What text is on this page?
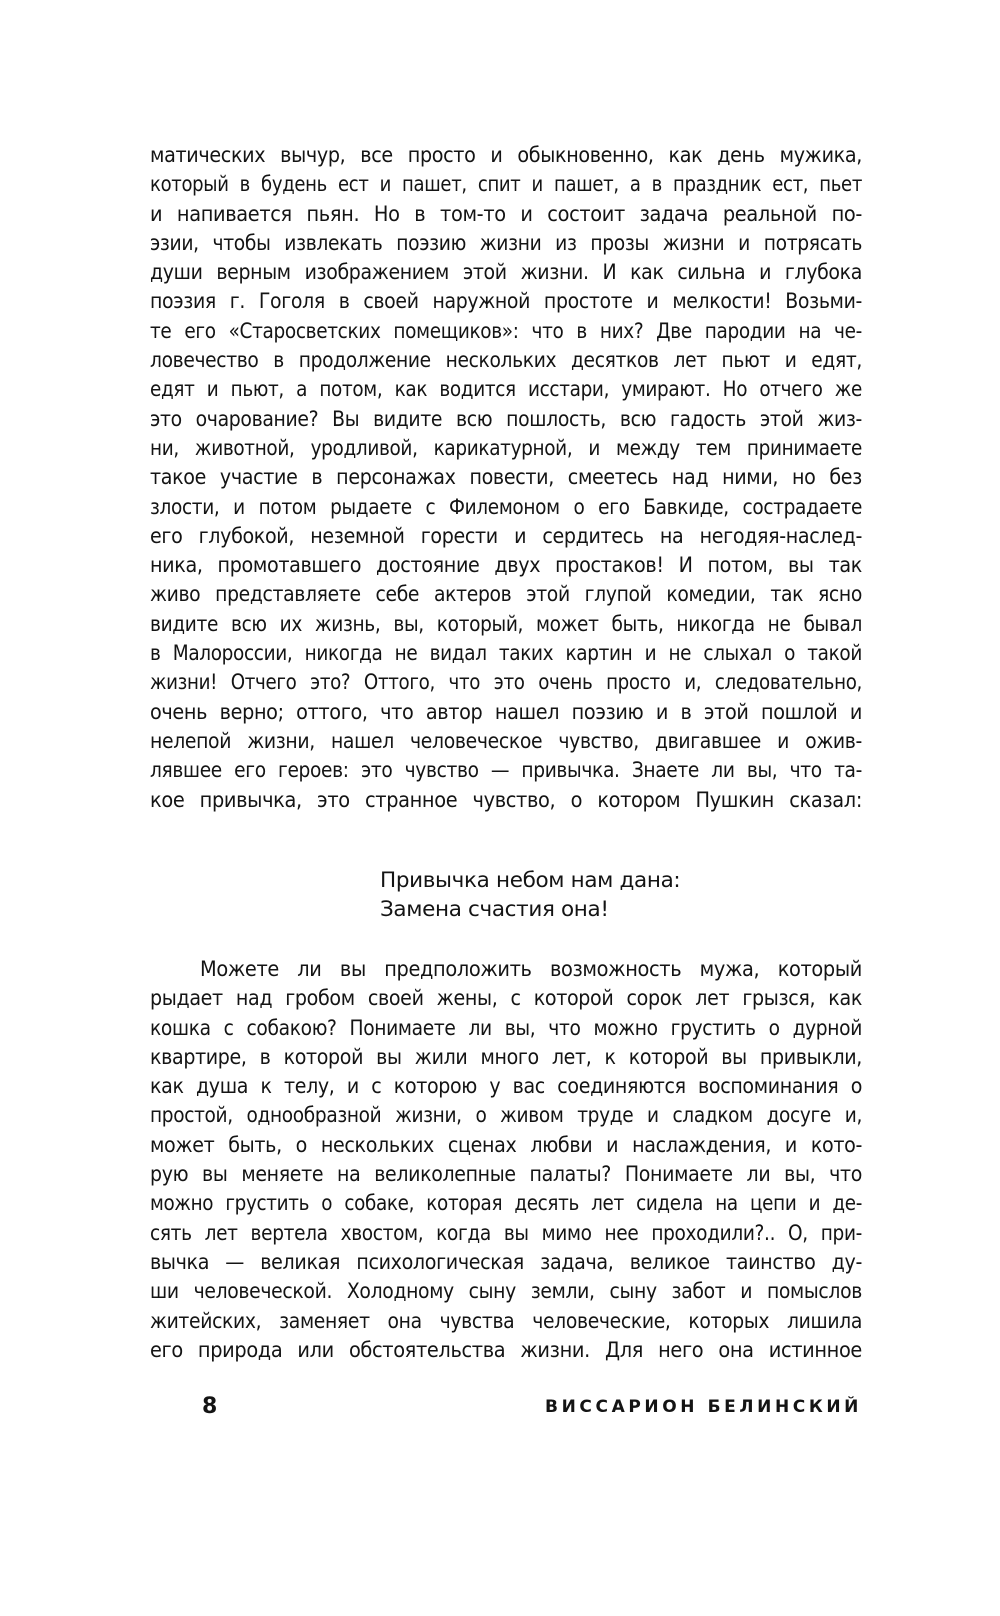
матических вычур, все просто и обыкновенно, как день мужика,
который в будень ест и пашет, спит и пашет, а в праздник ест, пьет
и напивается пьян. Но в том-то и состоит задача реальной по-
эзии, чтобы извлекать поэзию жизни из прозы жизни и потрясать
души верным изображением этой жизни. И как сильна и глубока
поэзия г. Гоголя в своей наружной простоте и мелкости! Возьми-
те его «Старосветских помещиков»: что в них? Две пародии на че-
ловечество в продолжение нескольких десятков лет пьют и едят,
едят и пьют, а потом, как водится исстари, умирают. Но отчего же
это очарование? Вы видите всю пошлость, всю гадость этой жиз-
ни, животной, уродливой, карикатурной, и между тем принимаете
такое участие в персонажах повести, смеетесь над ними, но без
злости, и потом рыдаете с Филемоном о его Бавкиде, сострадаете
его глубокой, неземной горести и сердитесь на негодяя-наслед-
ника, промотавшего достояние двух простаков! И потом, вы так
живо представляете себе актеров этой глупой комедии, так ясно
видите всю их жизнь, вы, который, может быть, никогда не бывал
в Малороссии, никогда не видал таких картин и не слыхал о такой
жизни! Отчего это? Оттого, что это очень просто и, следовательно,
очень верно; оттого, что автор нашел поэзию и в этой пошлой и
нелепой жизни, нашел человеческое чувство, двигавшее и ожив-
лявшее его героев: это чувство — привычка. Знаете ли вы, что та-
кое привычка, это странное чувство, о котором Пушкин сказал:
Привычка небом нам дана:
Замена счастия она!
Можете ли вы предположить возможность мужа, который
рыдает над гробом своей жены, с которой сорок лет грызся, как
кошка с собакою? Понимаете ли вы, что можно грустить о дурной
квартире, в которой вы жили много лет, к которой вы привыкли,
как душа к телу, и с которою у вас соединяются воспоминания о
простой, однообразной жизни, о живом труде и сладком досуге и,
может быть, о нескольких сценах любви и наслаждения, и кото-
рую вы меняете на великолепные палаты? Понимаете ли вы, что
можно грустить о собаке, которая десять лет сидела на цепи и де-
сять лет вертела хвостом, когда вы мимо нее проходили?.. О, при-
вычка — великая психологическая задача, великое таинство ду-
ши человеческой. Холодному сыну земли, сыну забот и помыслов
житейских, заменяет она чувства человеческие, которых лишила
его природа или обстоятельства жизни. Для него она истинное
8	ВИССАРИОН БЕЛИНСКИЙ
